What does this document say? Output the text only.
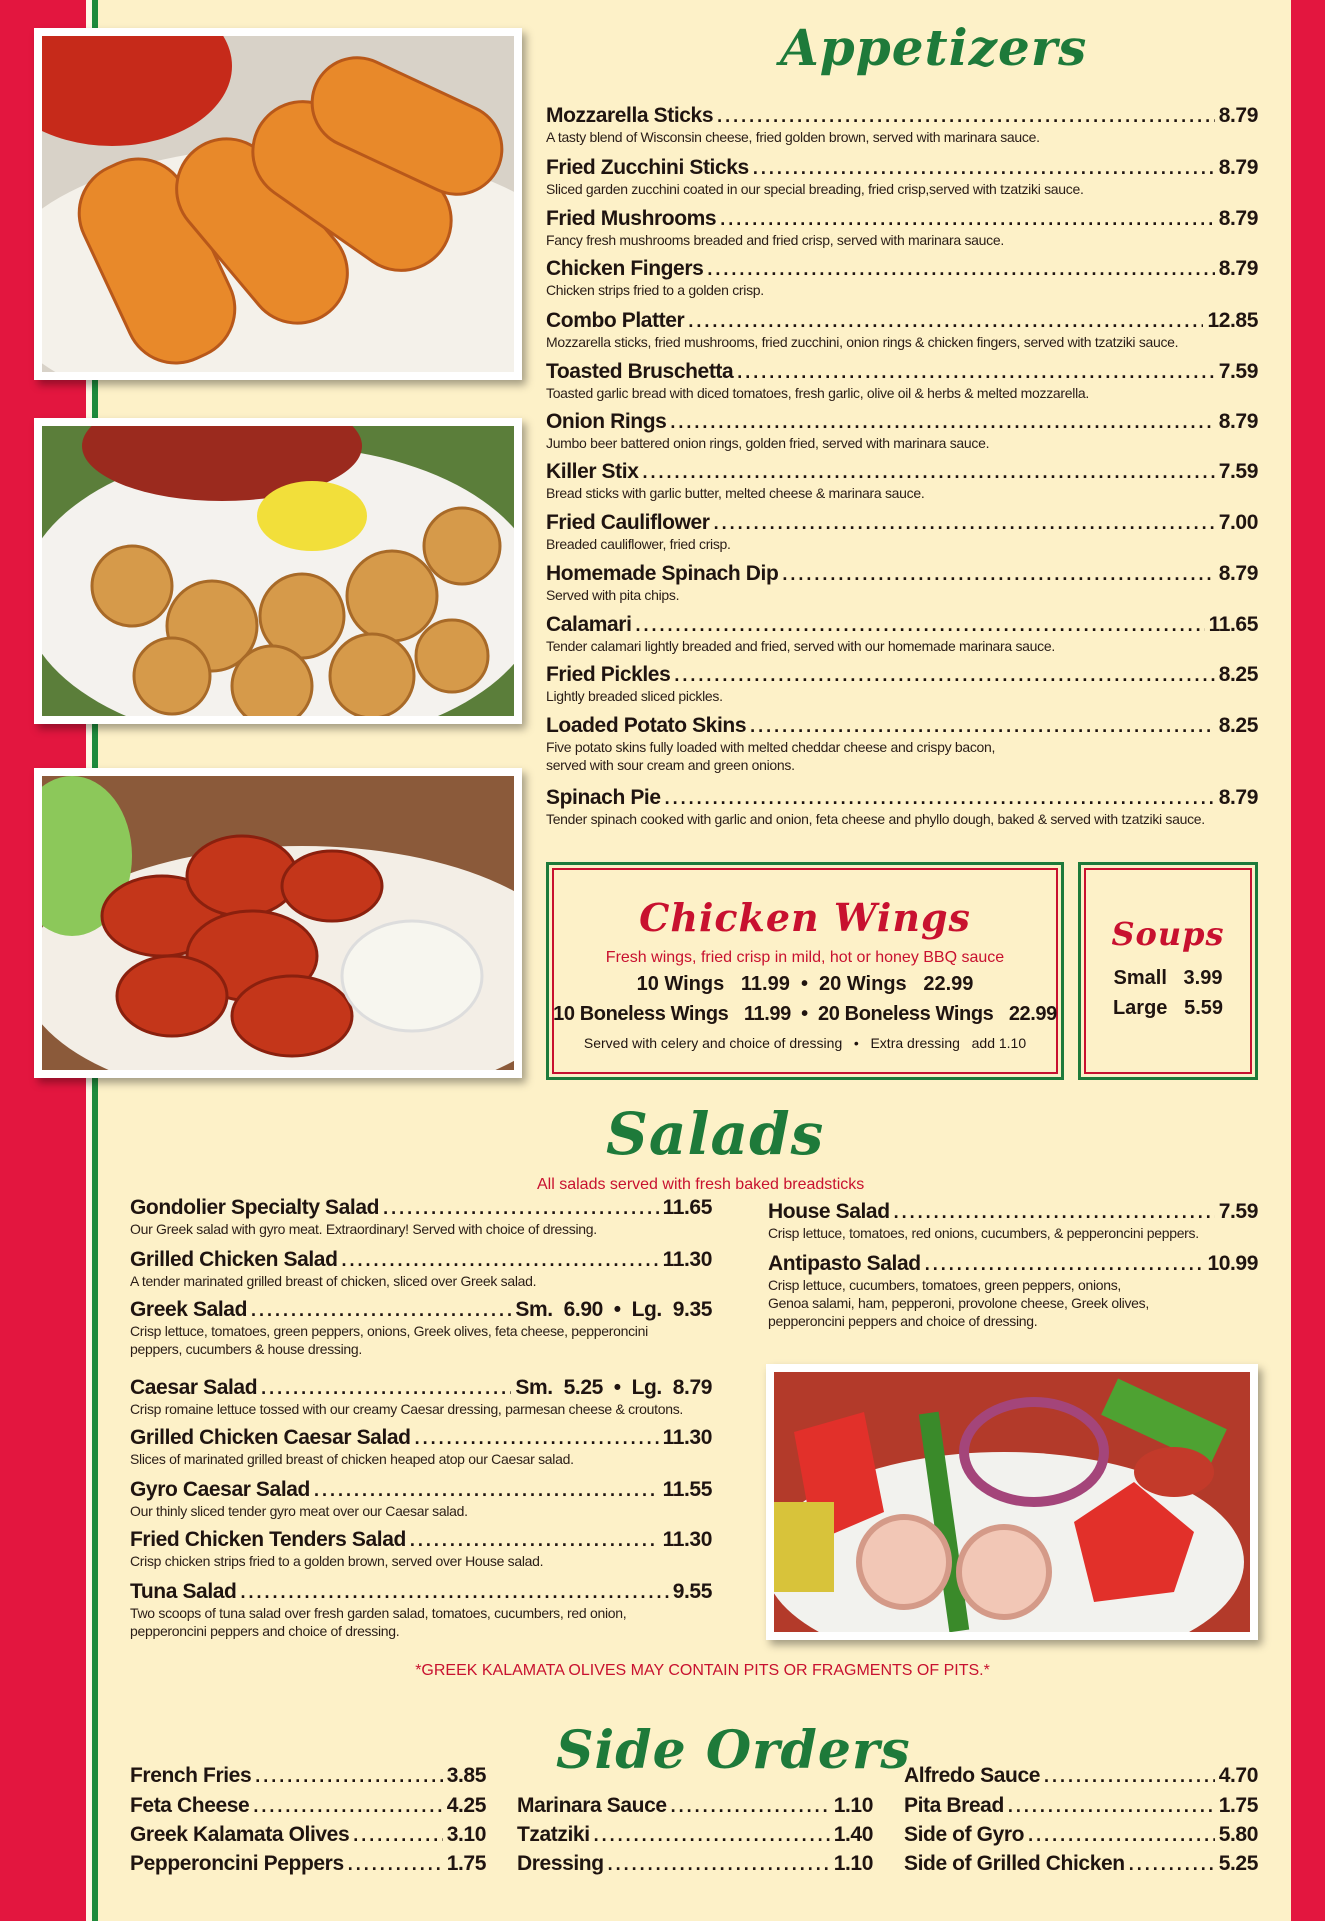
Appetizers
Mozzarella Sticks .....	8.79
A tasty blend of Wisconsin cheese, fried golden brown, served with marinara sauce.
Fried Zucchini Sticks .....	8.79
Sliced garden zucchini coated in our special breading, fried crisp,served with tzatziki sauce.
Fried Mushrooms .....	8.79
Fancy fresh mushrooms breaded and fried crisp, served with marinara sauce.
Chicken Fingers .....	8.79
Chicken strips fried to a golden crisp.
Combo Platter .....	12.85
Mozzarella sticks, fried mushrooms, fried zucchini, onion rings & chicken fingers, served with tzatziki sauce.
Toasted Bruschetta .....	7.59
Toasted garlic bread with diced tomatoes, fresh garlic, olive oil & herbs & melted mozzarella.
Onion Rings .....	8.79
Jumbo beer battered onion rings, golden fried, served with marinara sauce.
Killer Stix .....	7.59
Bread sticks with garlic butter, melted cheese & marinara sauce.
Fried Cauliflower .....	7.00
Breaded cauliflower, fried crisp.
Homemade Spinach Dip .....	8.79
Served with pita chips.
Calamari .....	11.65
Tender calamari lightly breaded and fried, served with our homemade marinara sauce.
Fried Pickles .....	8.25
Lightly breaded sliced pickles.
Loaded Potato Skins .....	8.25
Five potato skins fully loaded with melted cheddar cheese and crispy bacon,
served with sour cream and green onions.
Spinach Pie .....	8.79
Tender spinach cooked with garlic and onion, feta cheese and phyllo dough, baked & served with tzatziki sauce.
Chicken Wings
Fresh wings, fried crisp in mild, hot or honey BBQ sauce
10 Wings   11.99  •  20 Wings   22.99
10 Boneless Wings   11.99  •  20 Boneless Wings   22.99
Served with celery and choice of dressing   •   Extra dressing   add 1.10
Soups
Small   3.99
Large   5.59
Salads
All salads served with fresh baked breadsticks
Gondolier Specialty Salad .....	11.65
Our Greek salad with gyro meat. Extraordinary! Served with choice of dressing.
Grilled Chicken Salad .....	11.30
A tender marinated grilled breast of chicken, sliced over Greek salad.
Greek Salad .....	Sm.  6.90  •  Lg.  9.35
Crisp lettuce, tomatoes, green peppers, onions, Greek olives, feta cheese, pepperoncini
peppers, cucumbers & house dressing.
Caesar Salad .....	Sm.  5.25  •  Lg.  8.79
Crisp romaine lettuce tossed with our creamy Caesar dressing, parmesan cheese & croutons.
Grilled Chicken Caesar Salad .....	11.30
Slices of marinated grilled breast of chicken heaped atop our Caesar salad.
Gyro Caesar Salad .....	11.55
Our thinly sliced tender gyro meat over our Caesar salad.
Fried Chicken Tenders Salad .....	11.30
Crisp chicken strips fried to a golden brown, served over House salad.
Tuna Salad .....	9.55
Two scoops of tuna salad over fresh garden salad, tomatoes, cucumbers, red onion,
pepperoncini peppers and choice of dressing.
House Salad .....	7.59
Crisp lettuce, tomatoes, red onions, cucumbers, & pepperoncini peppers.
Antipasto Salad .....	10.99
Crisp lettuce, cucumbers, tomatoes, green peppers, onions,
Genoa salami, ham, pepperoni, provolone cheese, Greek olives,
pepperoncini peppers and choice of dressing.
*GREEK KALAMATA OLIVES MAY CONTAIN PITS OR FRAGMENTS OF PITS.*
Side Orders
French Fries .....	3.85
Feta Cheese .....	4.25
Greek Kalamata Olives .....	3.10
Pepperoncini Peppers .....	1.75
Marinara Sauce .....	1.10
Tzatziki .....	1.40
Dressing .....	1.10
Alfredo Sauce .....	4.70
Pita Bread .....	1.75
Side of Gyro .....	5.80
Side of Grilled Chicken .....	5.25
